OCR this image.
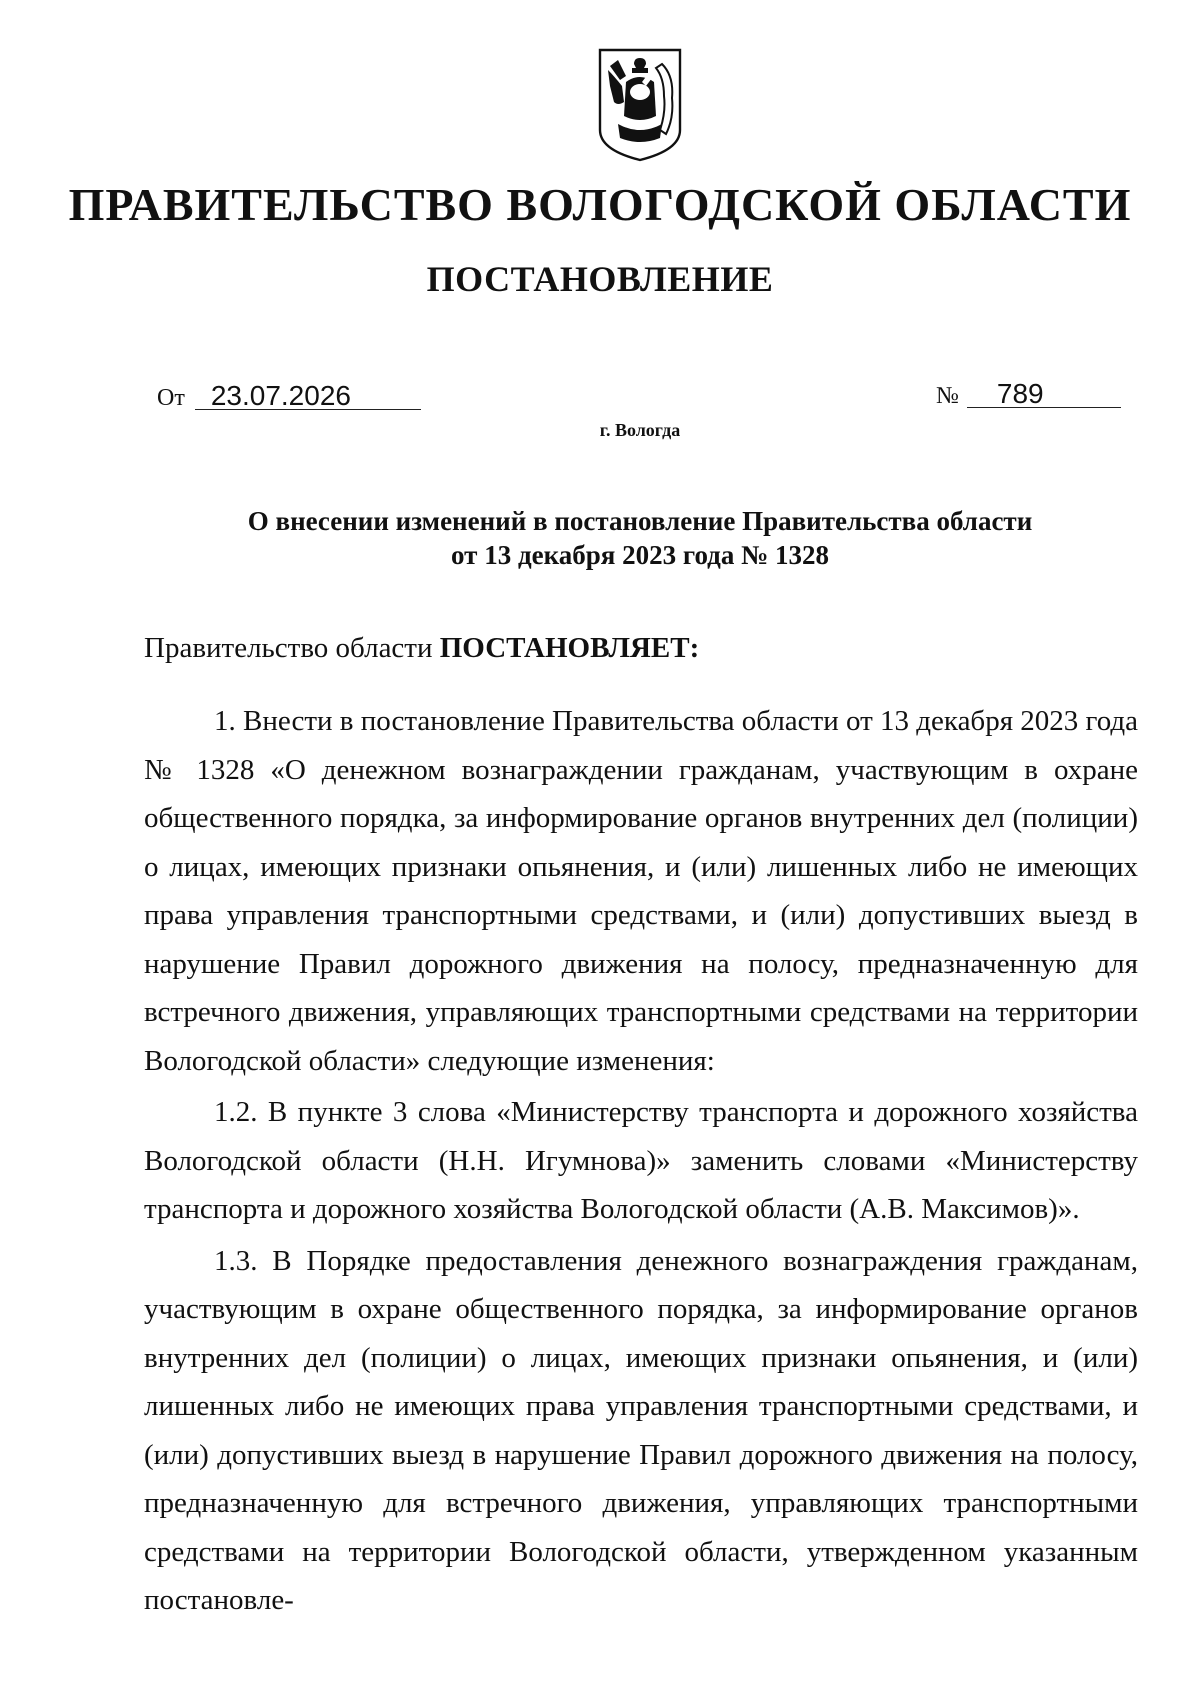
ПРАВИТЕЛЬСТВО ВОЛОГОДСКОЙ ОБЛАСТИ
ПОСТАНОВЛЕНИЕ
От 23.07.2026	№ 789
г. Вологда
О внесении изменений в постановление Правительства области
от 13 декабря 2023 года № 1328
Правительство области ПОСТАНОВЛЯЕТ:

1. Внести в постановление Правительства области от 13 декабря 2023 года № 1328 «О денежном вознаграждении гражданам, участвующим в охране общественного порядка, за информирование органов внутренних дел (полиции) о лицах, имеющих признаки опьянения, и (или) лишенных либо не имеющих права управления транспортными средствами, и (или) допустивших выезд в нарушение Правил дорожного движения на полосу, предназначенную для встречного движения, управляющих транспортными средствами на территории Вологодской области» следующие изменения:

1.2. В пункте 3 слова «Министерству транспорта и дорожного хозяйства Вологодской области (Н.Н. Игумнова)» заменить словами «Министерству транспорта и дорожного хозяйства Вологодской области (А.В. Максимов)».

1.3. В Порядке предоставления денежного вознаграждения гражданам, участвующим в охране общественного порядка, за информирование органов внутренних дел (полиции) о лицах, имеющих признаки опьянения, и (или) лишенных либо не имеющих права управления транспортными средствами, и (или) допустивших выезд в нарушение Правил дорожного движения на полосу, предназначенную для встречного движения, управляющих транспортными средствами на территории Вологодской области, утвержденном указанным постановле-
